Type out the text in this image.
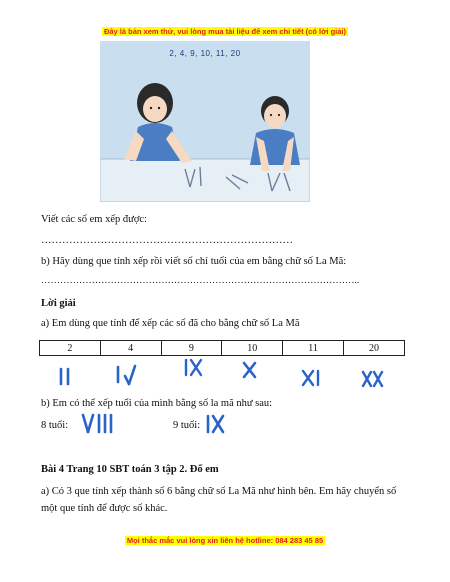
Đây là bản xem thử, vui lòng mua tài liệu để xem chi tiết (có lời giải)
2, 4, 9, 10, 11, 20
Viết các số em xếp được:
………………………………………………………………
b) Hãy dùng que tính xếp rồi viết số chỉ tuổi của em bằng chữ số La Mã:
………………………………………………………………………………………..
Lời giải
a) Em dùng que tính để xếp các số đã cho bằng chữ số La Mã
2	4	9	10	11	20
b) Em có thể xếp tuổi của mình bằng số la mã như sau:
8 tuổi:	9 tuổi:
Bài 4 Trang 10 SBT toán 3 tập 2. Đố em
a) Có 3 que tính xếp thành số 6 bằng chữ số La Mã như hình bên. Em hãy chuyển số
một que tính để được số khác.
Mọi thắc mắc vui lòng xin liên hệ hotline: 084 283 45 85
